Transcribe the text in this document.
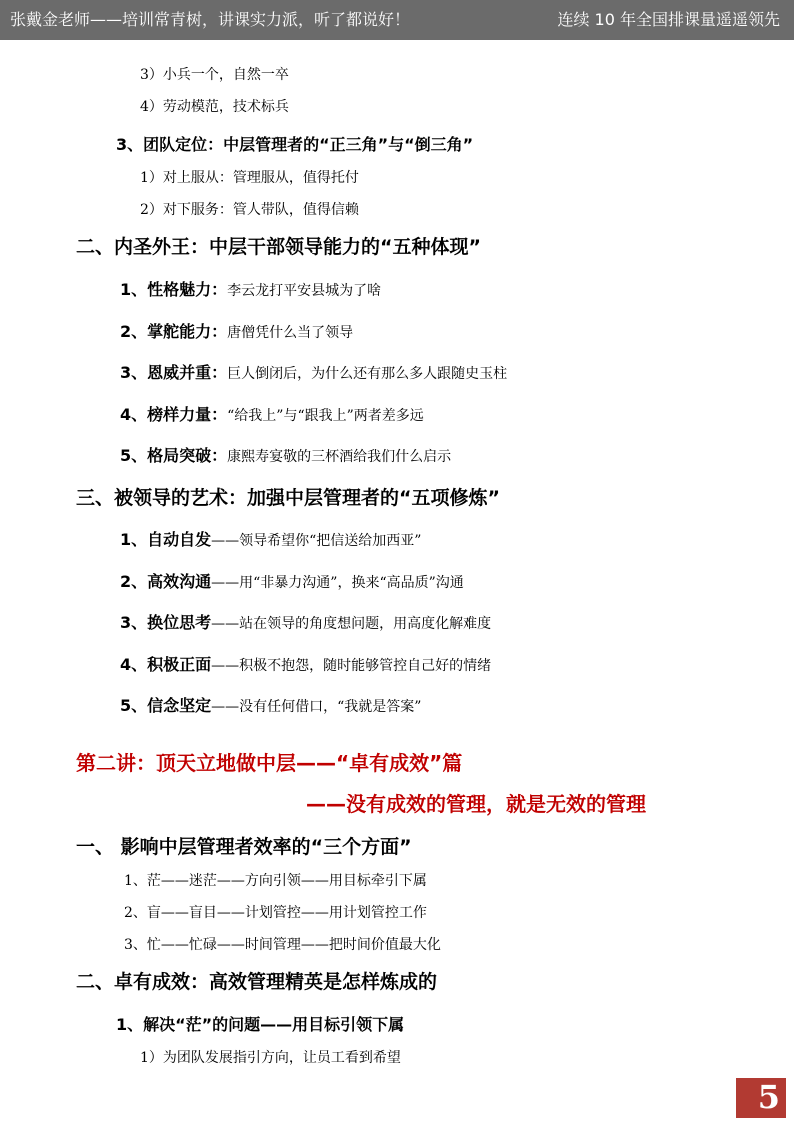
张戴金老师——培训常青树，讲课实力派，听了都说好！	连续 10 年全国排课量遥遥领先
3）小兵一个，自然一卒
4）劳动模范，技术标兵
3、团队定位：中层管理者的“正三角”与“倒三角”
1）对上服从：管理服从，值得托付
2）对下服务：管人带队，值得信赖
二、内圣外王：中层干部领导能力的“五种体现”
1、性格魅力：李云龙打平安县城为了啥
2、掌舵能力：唐僧凭什么当了领导
3、恩威并重：巨人倒闭后，为什么还有那么多人跟随史玉柱
4、榜样力量：“给我上”与“跟我上”两者差多远
5、格局突破：康熙寿宴敬的三杯酒给我们什么启示
三、被领导的艺术：加强中层管理者的“五项修炼”
1、自动自发——领导希望你“把信送给加西亚”
2、高效沟通——用“非暴力沟通”，换来“高品质”沟通
3、换位思考——站在领导的角度想问题，用高度化解难度
4、积极正面——积极不抱怨，随时能够管控自己好的情绪
5、信念坚定——没有任何借口，“我就是答案”
第二讲：顶天立地做中层——“卓有成效”篇
——没有成效的管理，就是无效的管理
一、 影响中层管理者效率的“三个方面”
1、茫——迷茫——方向引领——用目标牵引下属
2、盲——盲目——计划管控——用计划管控工作
3、忙——忙碌——时间管理——把时间价值最大化
二、卓有成效：高效管理精英是怎样炼成的
1、解决“茫”的问题——用目标引领下属
1）为团队发展指引方向，让员工看到希望
5
